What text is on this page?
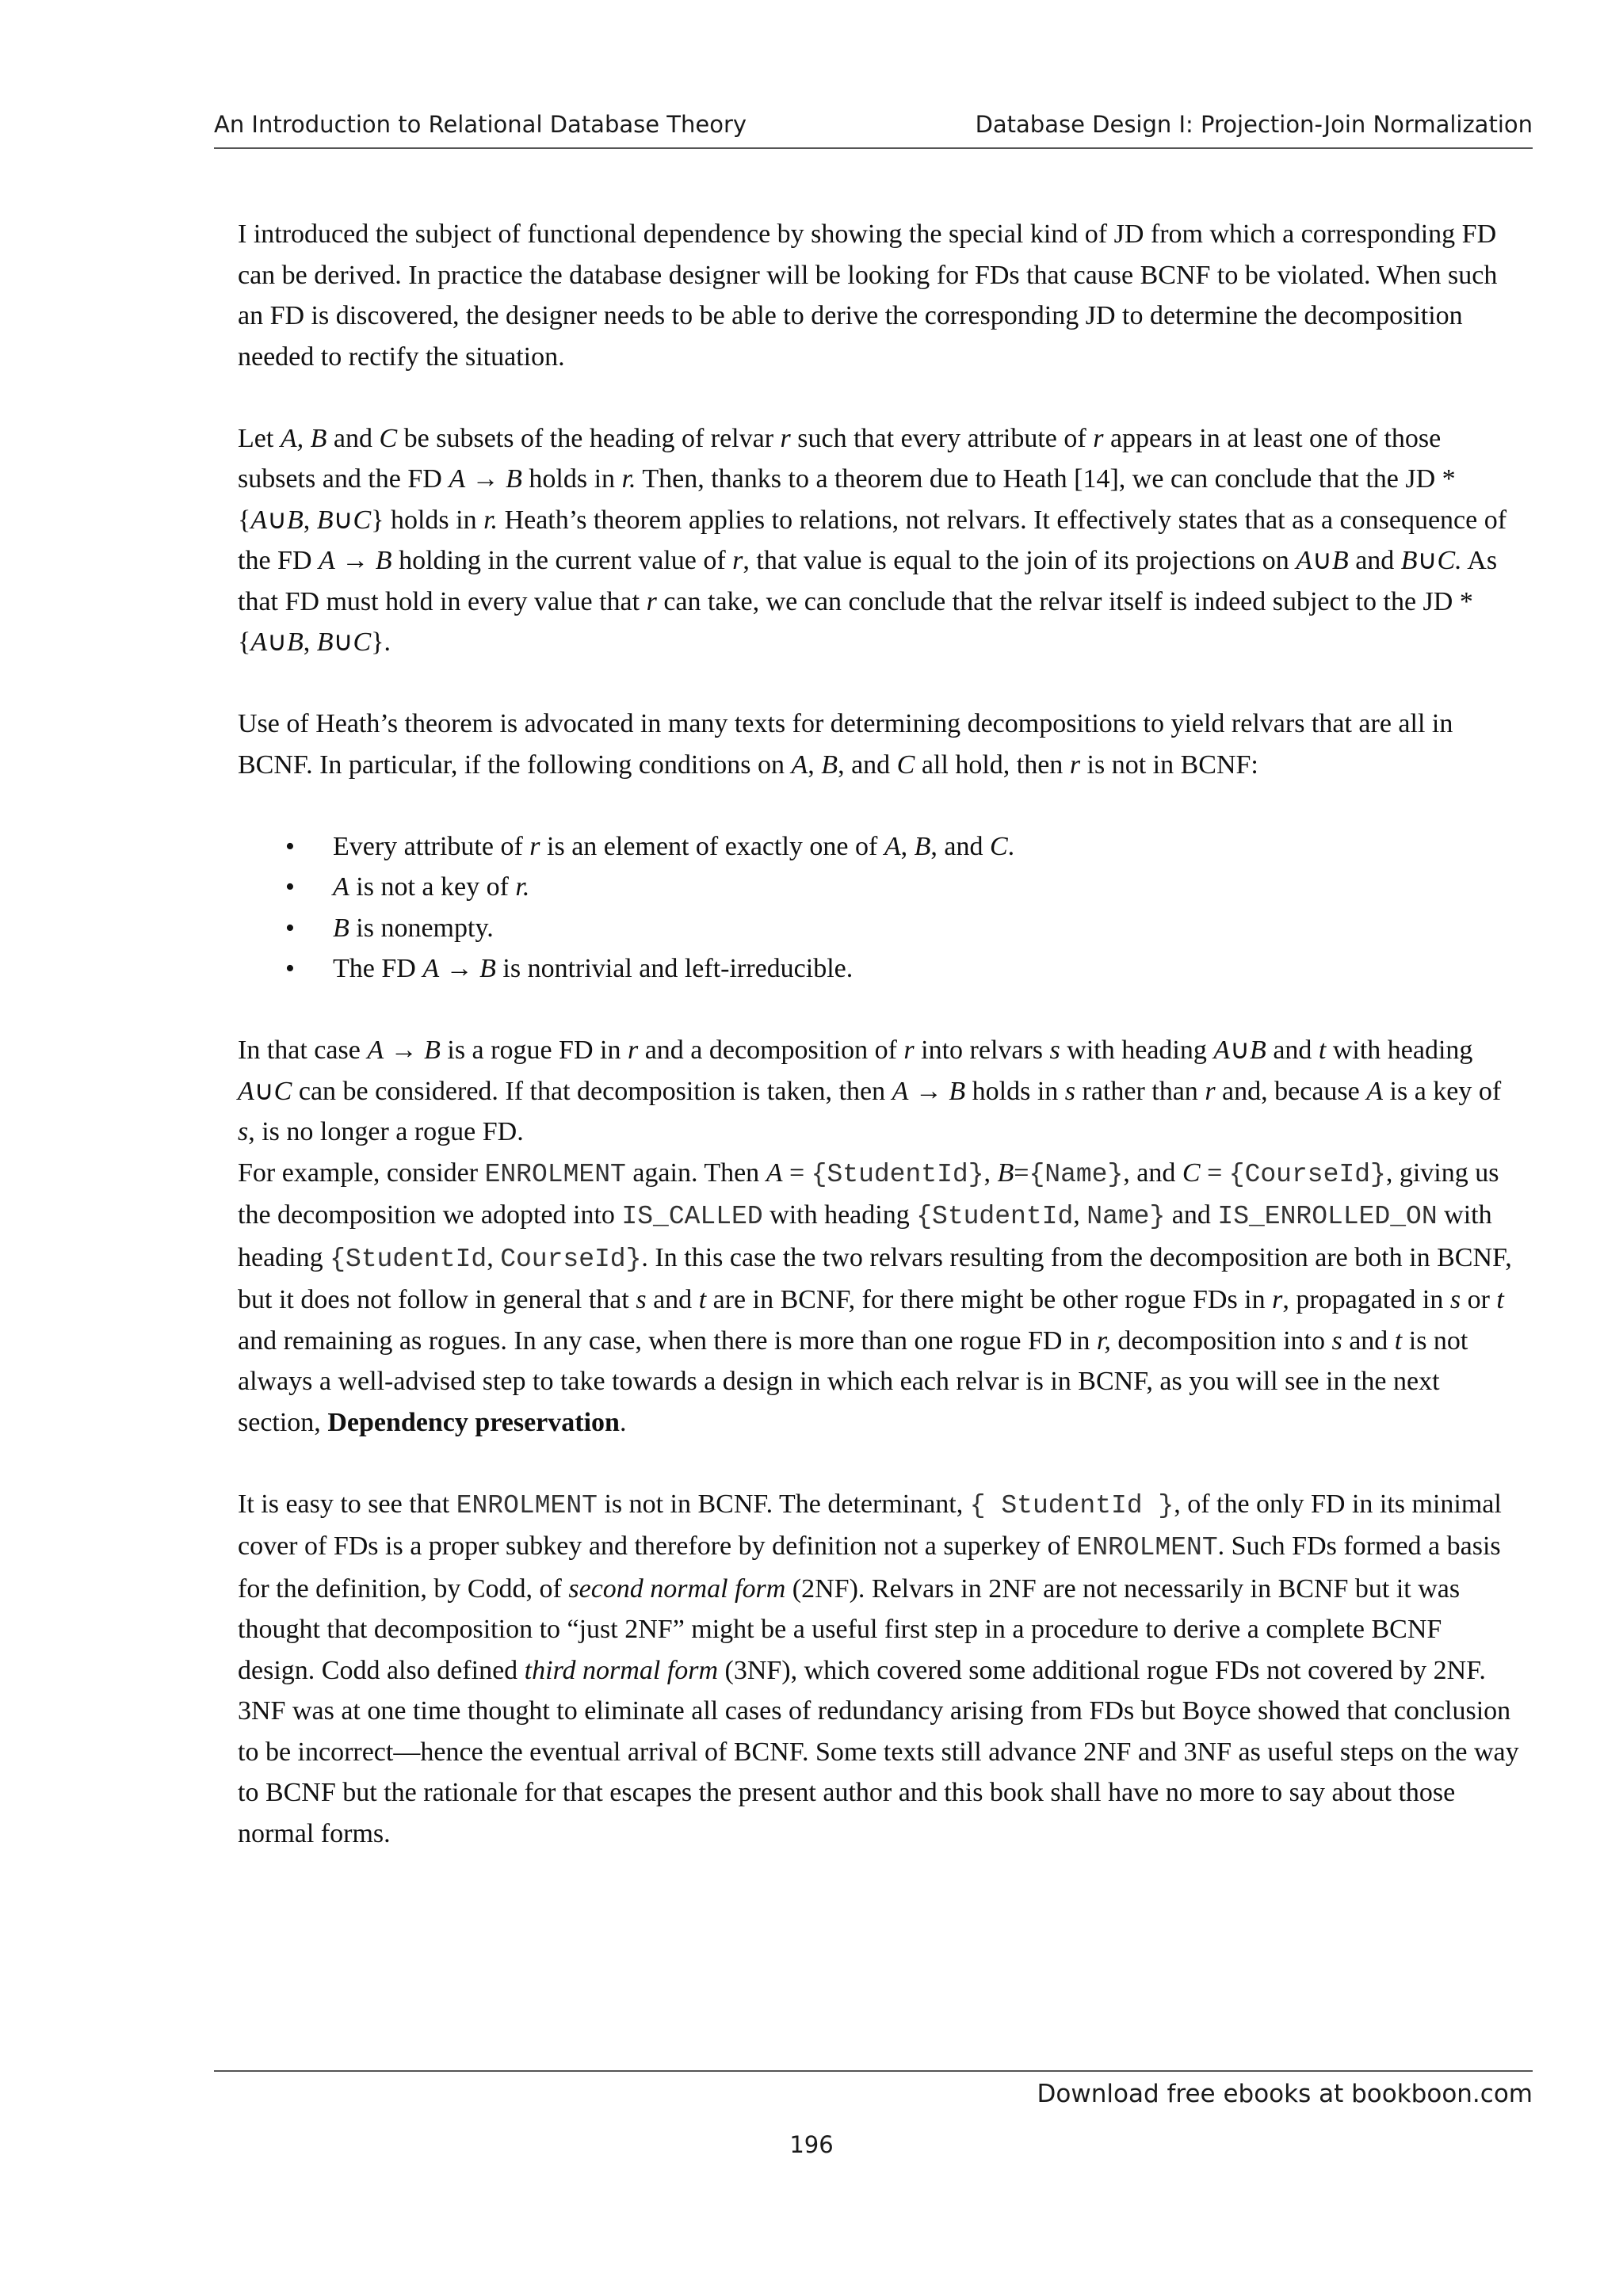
An Introduction to Relational Database Theory	Database Design I: Projection-Join Normalization

I introduced the subject of functional dependence by showing the special kind of JD from which a corresponding FD can be derived. In practice the database designer will be looking for FDs that cause BCNF to be violated. When such an FD is discovered, the designer needs to be able to derive the corresponding JD to determine the decomposition needed to rectify the situation.

Let A, B and C be subsets of the heading of relvar r such that every attribute of r appears in at least one of those subsets and the FD A → B holds in r. Then, thanks to a theorem due to Heath [14], we can conclude that the JD *{A∪B, B∪C} holds in r. Heath’s theorem applies to relations, not relvars. It effectively states that as a consequence of the FD A → B holding in the current value of r, that value is equal to the join of its projections on A∪B and B∪C. As that FD must hold in every value that r can take, we can conclude that the relvar itself is indeed subject to the JD *{A∪B, B∪C}.

Use of Heath’s theorem is advocated in many texts for determining decompositions to yield relvars that are all in BCNF. In particular, if the following conditions on A, B, and C all hold, then r is not in BCNF:

• Every attribute of r is an element of exactly one of A, B, and C.
• A is not a key of r.
• B is nonempty.
• The FD A → B is nontrivial and left-irreducible.

In that case A → B is a rogue FD in r and a decomposition of r into relvars s with heading A∪B and t with heading A∪C can be considered. If that decomposition is taken, then A → B holds in s rather than r and, because A is a key of s, is no longer a rogue FD.
For example, consider ENROLMENT again. Then A = {StudentId}, B={Name}, and C = {CourseId}, giving us the decomposition we adopted into IS_CALLED with heading {StudentId, Name} and IS_ENROLLED_ON with heading {StudentId, CourseId}. In this case the two relvars resulting from the decomposition are both in BCNF, but it does not follow in general that s and t are in BCNF, for there might be other rogue FDs in r, propagated in s or t and remaining as rogues. In any case, when there is more than one rogue FD in r, decomposition into s and t is not always a well-advised step to take towards a design in which each relvar is in BCNF, as you will see in the next section, Dependency preservation.

It is easy to see that ENROLMENT is not in BCNF. The determinant, { StudentId }, of the only FD in its minimal cover of FDs is a proper subkey and therefore by definition not a superkey of ENROLMENT. Such FDs formed a basis for the definition, by Codd, of second normal form (2NF). Relvars in 2NF are not necessarily in BCNF but it was thought that decomposition to “just 2NF” might be a useful first step in a procedure to derive a complete BCNF design. Codd also defined third normal form (3NF), which covered some additional rogue FDs not covered by 2NF. 3NF was at one time thought to eliminate all cases of redundancy arising from FDs but Boyce showed that conclusion to be incorrect—hence the eventual arrival of BCNF. Some texts still advance 2NF and 3NF as useful steps on the way to BCNF but the rationale for that escapes the present author and this book shall have no more to say about those normal forms.

Download free ebooks at bookboon.com
196
